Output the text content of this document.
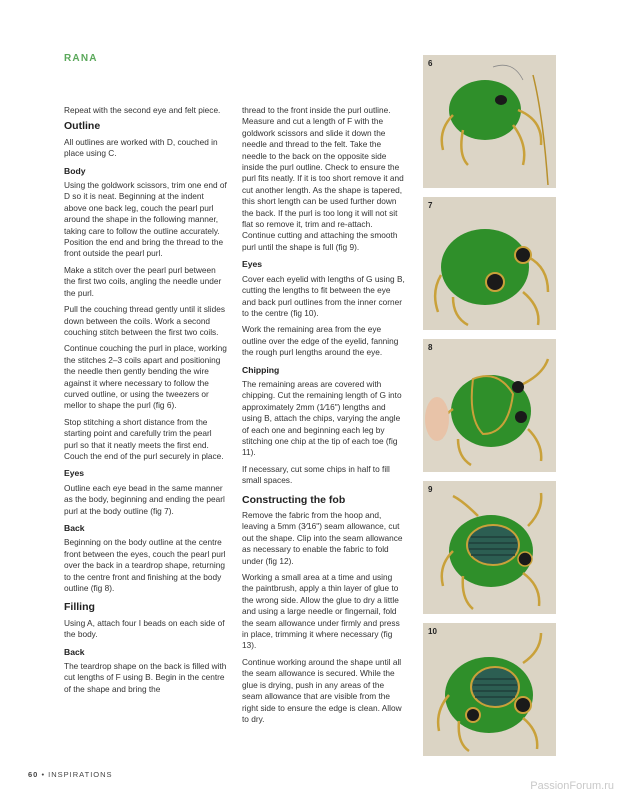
RANA

Repeat with the second eye and felt piece.

Outline

All outlines are worked with D, couched in place using C.

Body

Using the goldwork scissors, trim one end of D so it is neat. Beginning at the indent above one back leg, couch the pearl purl around the shape in the following manner, taking care to follow the outline accurately. Position the end and bring the thread to the front outside the pearl purl.

Make a stitch over the pearl purl between the first two coils, angling the needle under the purl.

Pull the couching thread gently until it slides down between the coils. Work a second couching stitch between the first two coils.

Continue couching the purl in place, working the stitches 2–3 coils apart and positioning the needle then gently bending the wire against it where necessary to follow the curved outline, or using the tweezers or mellor to shape the purl (fig 6).

Stop stitching a short distance from the starting point and carefully trim the pearl purl so that it neatly meets the first end. Couch the end of the purl securely in place.

Eyes

Outline each eye bead in the same manner as the body, beginning and ending the pearl purl at the body outline (fig 7).

Back

Beginning on the body outline at the centre front between the eyes, couch the pearl purl over the back in a teardrop shape, returning to the centre front and finishing at the body outline (fig 8).

Filling

Using A, attach four I beads on each side of the body.

Back

The teardrop shape on the back is filled with cut lengths of F using B. Begin in the centre of the shape and bring the

thread to the front inside the purl outline. Measure and cut a length of F with the goldwork scissors and slide it down the needle and thread to the felt. Take the needle to the back on the opposite side inside the purl outline. Check to ensure the purl fits neatly. If it is too short remove it and cut another length. As the shape is tapered, this short length can be used further down the back. If the purl is too long it will not sit flat so remove it, trim and re-attach. Continue cutting and attaching the smooth purl until the shape is full (fig 9).

Eyes

Cover each eyelid with lengths of G using B, cutting the lengths to fit between the eye and back purl outlines from the inner corner to the centre (fig 10).

Work the remaining area from the eye outline over the edge of the eyelid, fanning the rough purl lengths around the eye.

Chipping

The remaining areas are covered with chipping. Cut the remaining length of G into approximately 2mm (1⁄16") lengths and using B, attach the chips, varying the angle of each one and beginning each leg by stitching one chip at the tip of each toe (fig 11).

If necessary, cut some chips in half to fill small spaces.

Constructing the fob

Remove the fabric from the hoop and, leaving a 5mm (3⁄16") seam allowance, cut out the shape. Clip into the seam allowance as necessary to enable the fabric to fold under (fig 12).

Working a small area at a time and using the paintbrush, apply a thin layer of glue to the wrong side. Allow the glue to dry a little and using a large needle or fingernail, fold the seam allowance under firmly and press in place, trimming it where necessary (fig 13).

Continue working around the shape until all the seam allowance is secured. While the glue is drying, push in any areas of the seam allowance that are visible from the right side to ensure the edge is clean. Allow to dry.

6
7
8
9
10
60 • INSPIRATIONS
PassionForum.ru
